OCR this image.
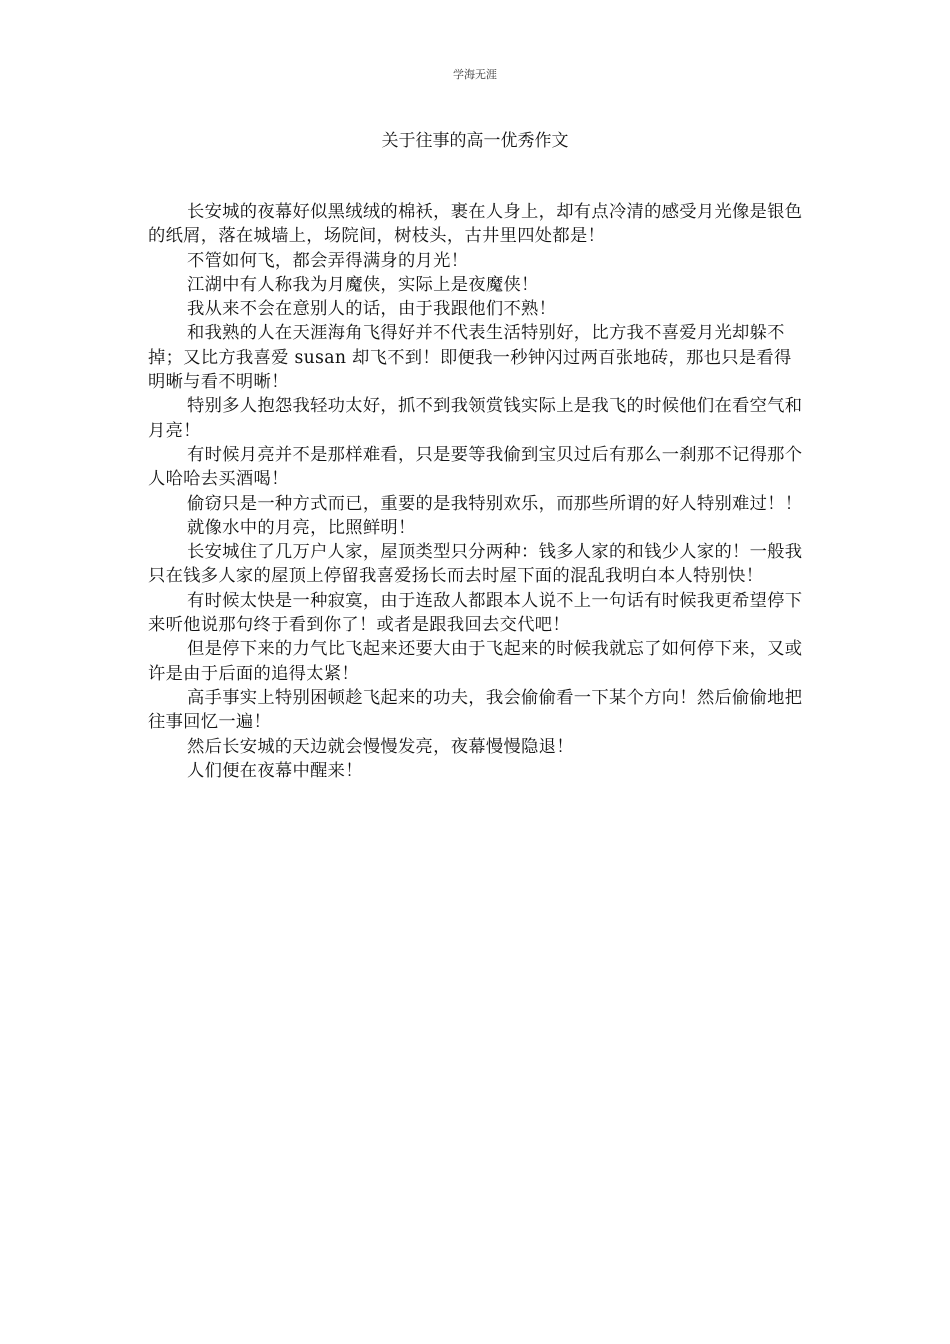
学海无涯
关于往事的高一优秀作文

长安城的夜幕好似黑绒绒的棉袄，裹在人身上，却有点冷清的感受月光像是银色的纸屑，落在城墙上，场院间，树枝头，古井里四处都是！

不管如何飞，都会弄得满身的月光！

江湖中有人称我为月魔侠，实际上是夜魔侠！

我从来不会在意别人的话，由于我跟他们不熟！

和我熟的人在天涯海角飞得好并不代表生活特别好，比方我不喜爱月光却躲不掉；又比方我喜爱 susan 却飞不到！即便我一秒钟闪过两百张地砖，那也只是看得明晰与看不明晰！

特别多人抱怨我轻功太好，抓不到我领赏钱实际上是我飞的时候他们在看空气和月亮！

有时候月亮并不是那样难看，只是要等我偷到宝贝过后有那么一刹那不记得那个人哈哈去买酒喝！

偷窃只是一种方式而已，重要的是我特别欢乐，而那些所谓的好人特别难过！！

就像水中的月亮，比照鲜明！

长安城住了几万户人家，屋顶类型只分两种：钱多人家的和钱少人家的！一般我只在钱多人家的屋顶上停留我喜爱扬长而去时屋下面的混乱我明白本人特别快！

有时候太快是一种寂寞，由于连敌人都跟本人说不上一句话有时候我更希望停下来听他说那句终于看到你了！或者是跟我回去交代吧！

但是停下来的力气比飞起来还要大由于飞起来的时候我就忘了如何停下来，又或许是由于后面的追得太紧！

高手事实上特别困顿趁飞起来的功夫，我会偷偷看一下某个方向！然后偷偷地把往事回忆一遍！

然后长安城的天边就会慢慢发亮，夜幕慢慢隐退！

人们便在夜幕中醒来！
